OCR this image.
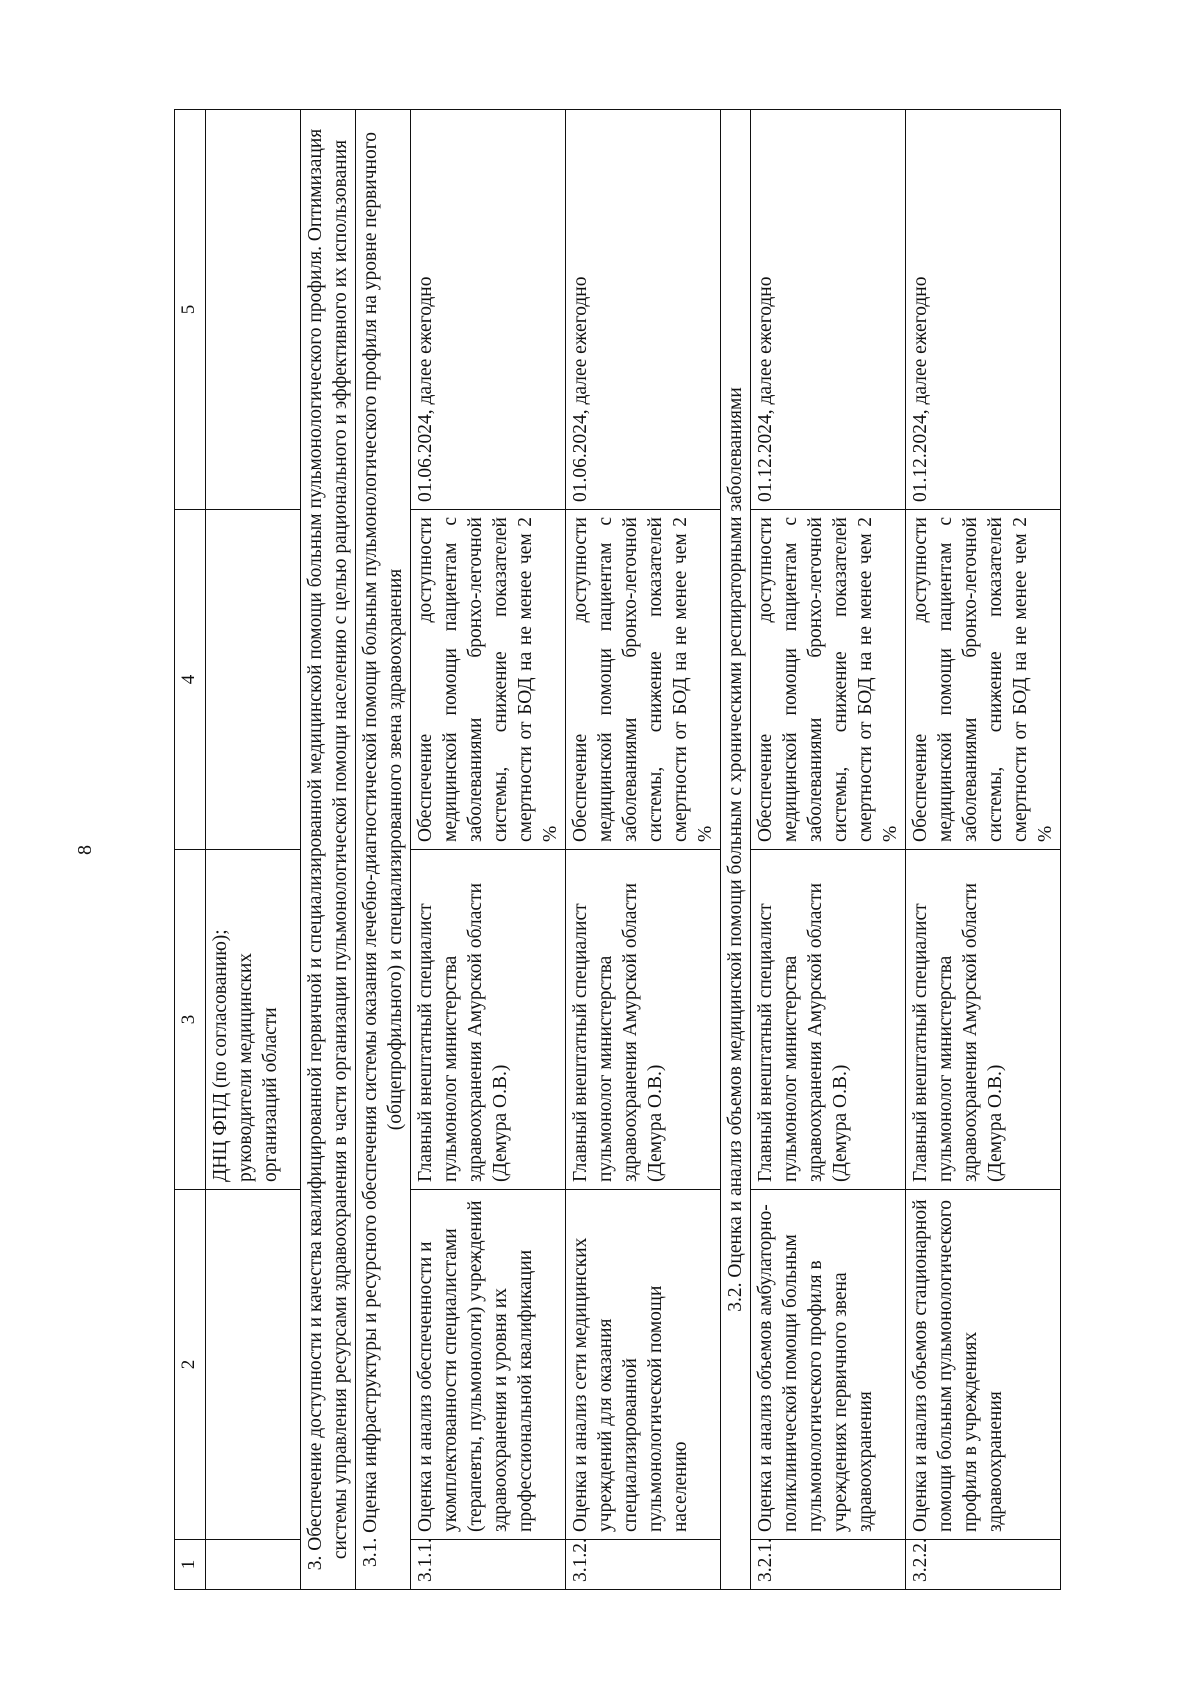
8
1	2	3	4	5
		ДНЦ ФПД (по согласованию); руководители медицинских организаций области		
3. Обеспечение доступности и качества квалифицированной первичной и специализированной медицинской помощи больным пульмонологического профиля. Оптимизация системы управления ресурсами здравоохранения в части организации пульмонологической помощи населению с целью рационального и эффективного их использования				
3.1. Оценка инфраструктуры и ресурсного обеспечения системы оказания лечебно-диагностической помощи больным пульмонологического профиля на уровне первичного (общепрофильного) и специализированного звена здравоохранения				
3.1.1.	Оценка и анализ обеспеченности и укомплектованности специалистами (терапевты, пульмонологи) учреждений здравоохранения и уровня их профессиональной квалификации	Главный внештатный специалист пульмонолог министерства здравоохранения Амурской области (Демура О.В.)	Обеспечение доступности медицинской помощи пациентам с заболеваниями бронхо-легочной системы, снижение показателей смертности от БОД на не менее чем 2 %	01.06.2024, далее ежегодно
3.1.2.	Оценка и анализ сети медицинских учреждений для оказания специализированной пульмонологической помощи населению	Главный внештатный специалист пульмонолог министерства здравоохранения Амурской области (Демура О.В.)	Обеспечение доступности медицинской помощи пациентам с заболеваниями бронхо-легочной системы, снижение показателей смертности от БОД на не менее чем 2 %	01.06.2024, далее ежегодно
3.2. Оценка и анализ объемов медицинской помощи больным с хроническими респираторными заболеваниями				
3.2.1.	Оценка и анализ объемов амбулаторно-поликлинической помощи больным пульмонологического профиля в учреждениях первичного звена здравоохранения	Главный внештатный специалист пульмонолог министерства здравоохранения Амурской области (Демура О.В.)	Обеспечение доступности медицинской помощи пациентам с заболеваниями бронхо-легочной системы, снижение показателей смертности от БОД на не менее чем 2 %	01.12.2024, далее ежегодно
3.2.2.	Оценка и анализ объемов стационарной помощи больным пульмонологического профиля в учреждениях здравоохранения	Главный внештатный специалист пульмонолог министерства здравоохранения Амурской области (Демура О.В.)	Обеспечение доступности медицинской помощи пациентам с заболеваниями бронхо-легочной системы, снижение показателей смертности от БОД на не менее чем 2 %	01.12.2024, далее ежегодно
